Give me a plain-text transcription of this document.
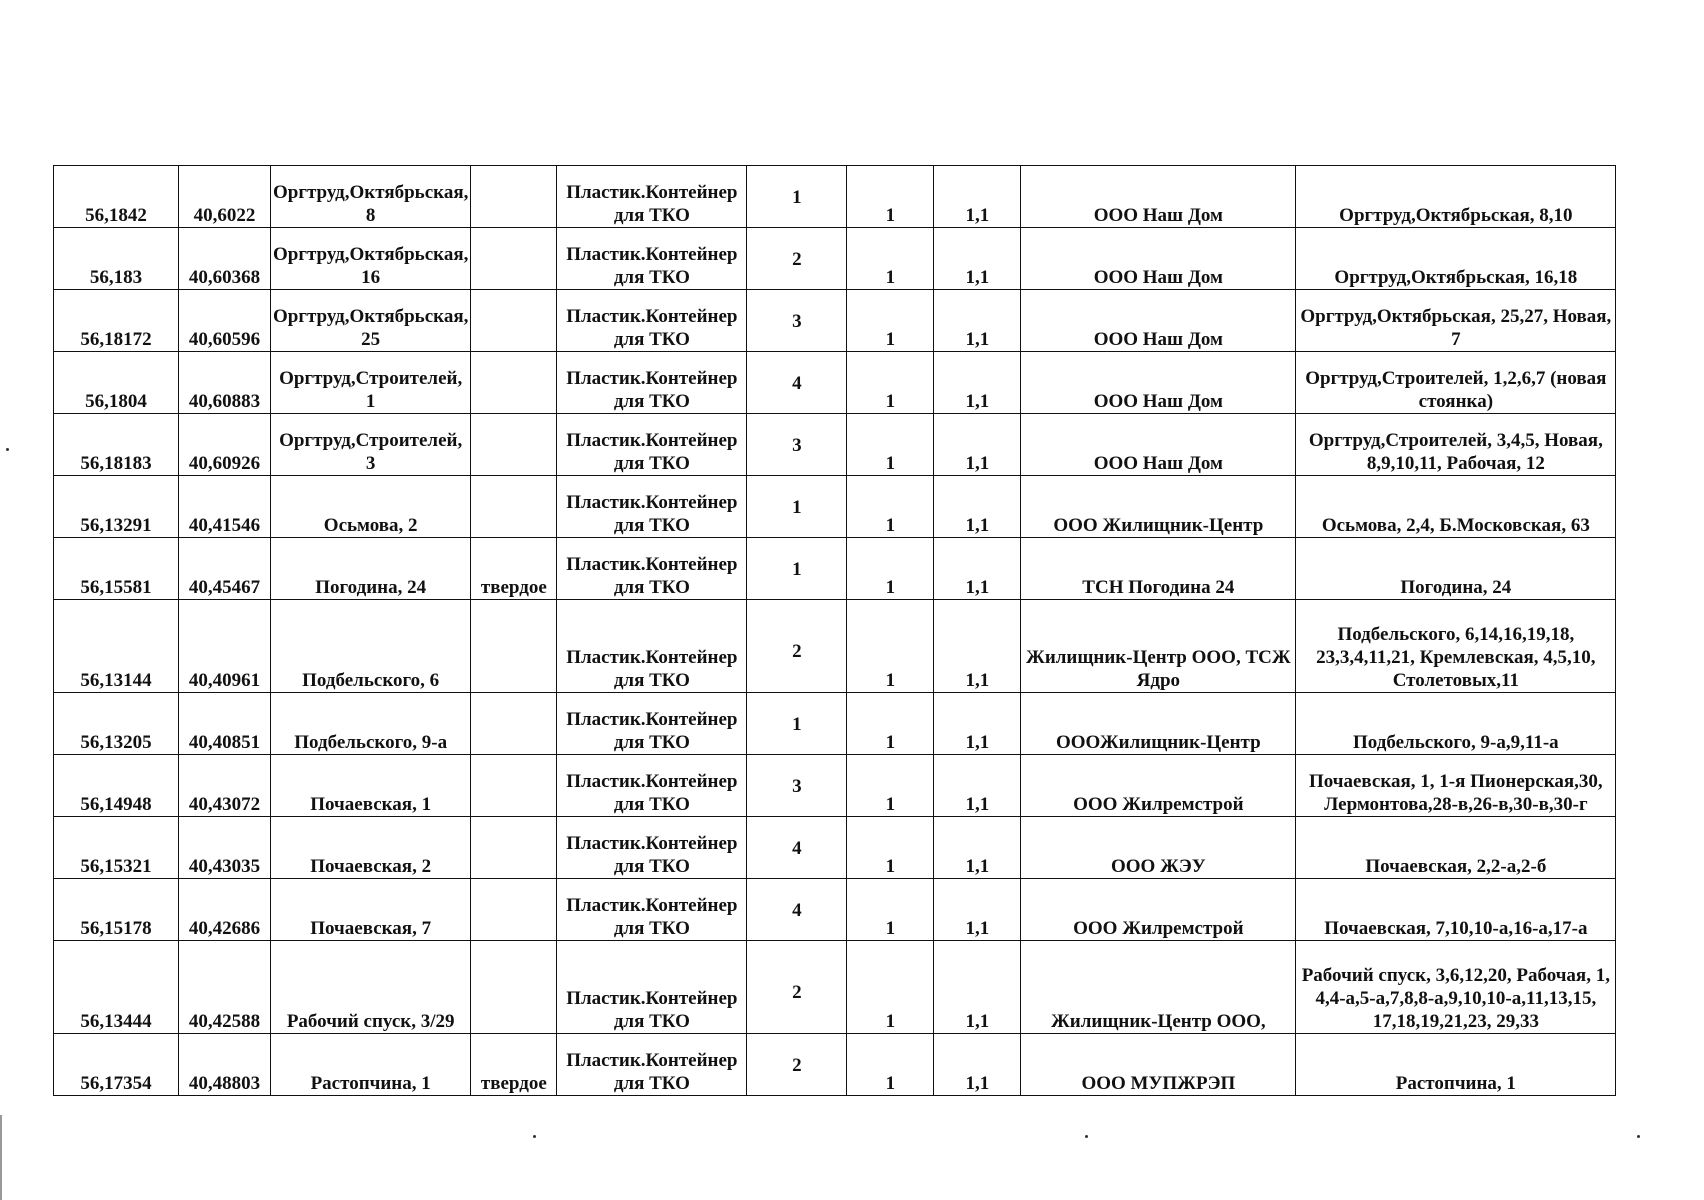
56,1842	40,6022	Оргтруд,Октябрьская, 8		Пластик.Контейнер для ТКО	1	1	1,1	ООО Наш Дом	Оргтруд,Октябрьская, 8,10
56,183	40,60368	Оргтруд,Октябрьская, 16		Пластик.Контейнер для ТКО	2	1	1,1	ООО Наш Дом	Оргтруд,Октябрьская, 16,18
56,18172	40,60596	Оргтруд,Октябрьская, 25		Пластик.Контейнер для ТКО	3	1	1,1	ООО Наш Дом	Оргтруд,Октябрьская, 25,27, Новая, 7
56,1804	40,60883	Оргтруд,Строителей, 1		Пластик.Контейнер для ТКО	4	1	1,1	ООО Наш Дом	Оргтруд,Строителей, 1,2,6,7 (новая стоянка)
56,18183	40,60926	Оргтруд,Строителей, 3		Пластик.Контейнер для ТКО	3	1	1,1	ООО Наш Дом	Оргтруд,Строителей, 3,4,5, Новая, 8,9,10,11, Рабочая, 12
56,13291	40,41546	Осьмова, 2		Пластик.Контейнер для ТКО	1	1	1,1	ООО Жилищник-Центр	Осьмова, 2,4, Б.Московская, 63
56,15581	40,45467	Погодина, 24	твердое	Пластик.Контейнер для ТКО	1	1	1,1	ТСН Погодина 24	Погодина, 24
56,13144	40,40961	Подбельского, 6		Пластик.Контейнер для ТКО	2	1	1,1	Жилищник-Центр ООО, ТСЖ Ядро	Подбельского, 6,14,16,19,18, 23,3,4,11,21, Кремлевская, 4,5,10, Столетовых,11
56,13205	40,40851	Подбельского, 9-а		Пластик.Контейнер для ТКО	1	1	1,1	ОООЖилищник-Центр	Подбельского, 9-а,9,11-а
56,14948	40,43072	Почаевская, 1		Пластик.Контейнер для ТКО	3	1	1,1	ООО Жилремстрой	Почаевская, 1, 1-я Пионерская,30, Лермонтова,28-в,26-в,30-в,30-г
56,15321	40,43035	Почаевская, 2		Пластик.Контейнер для ТКО	4	1	1,1	ООО ЖЭУ	Почаевская, 2,2-а,2-б
56,15178	40,42686	Почаевская, 7		Пластик.Контейнер для ТКО	4	1	1,1	ООО Жилремстрой	Почаевская, 7,10,10-а,16-а,17-а
56,13444	40,42588	Рабочий спуск, 3/29		Пластик.Контейнер для ТКО	2	1	1,1	Жилищник-Центр ООО,	Рабочий спуск, 3,6,12,20, Рабочая, 1, 4,4-а,5-а,7,8,8-а,9,10,10-а,11,13,15, 17,18,19,21,23, 29,33
56,17354	40,48803	Растопчина, 1	твердое	Пластик.Контейнер для ТКО	2	1	1,1	ООО МУПЖРЭП	Растопчина, 1
